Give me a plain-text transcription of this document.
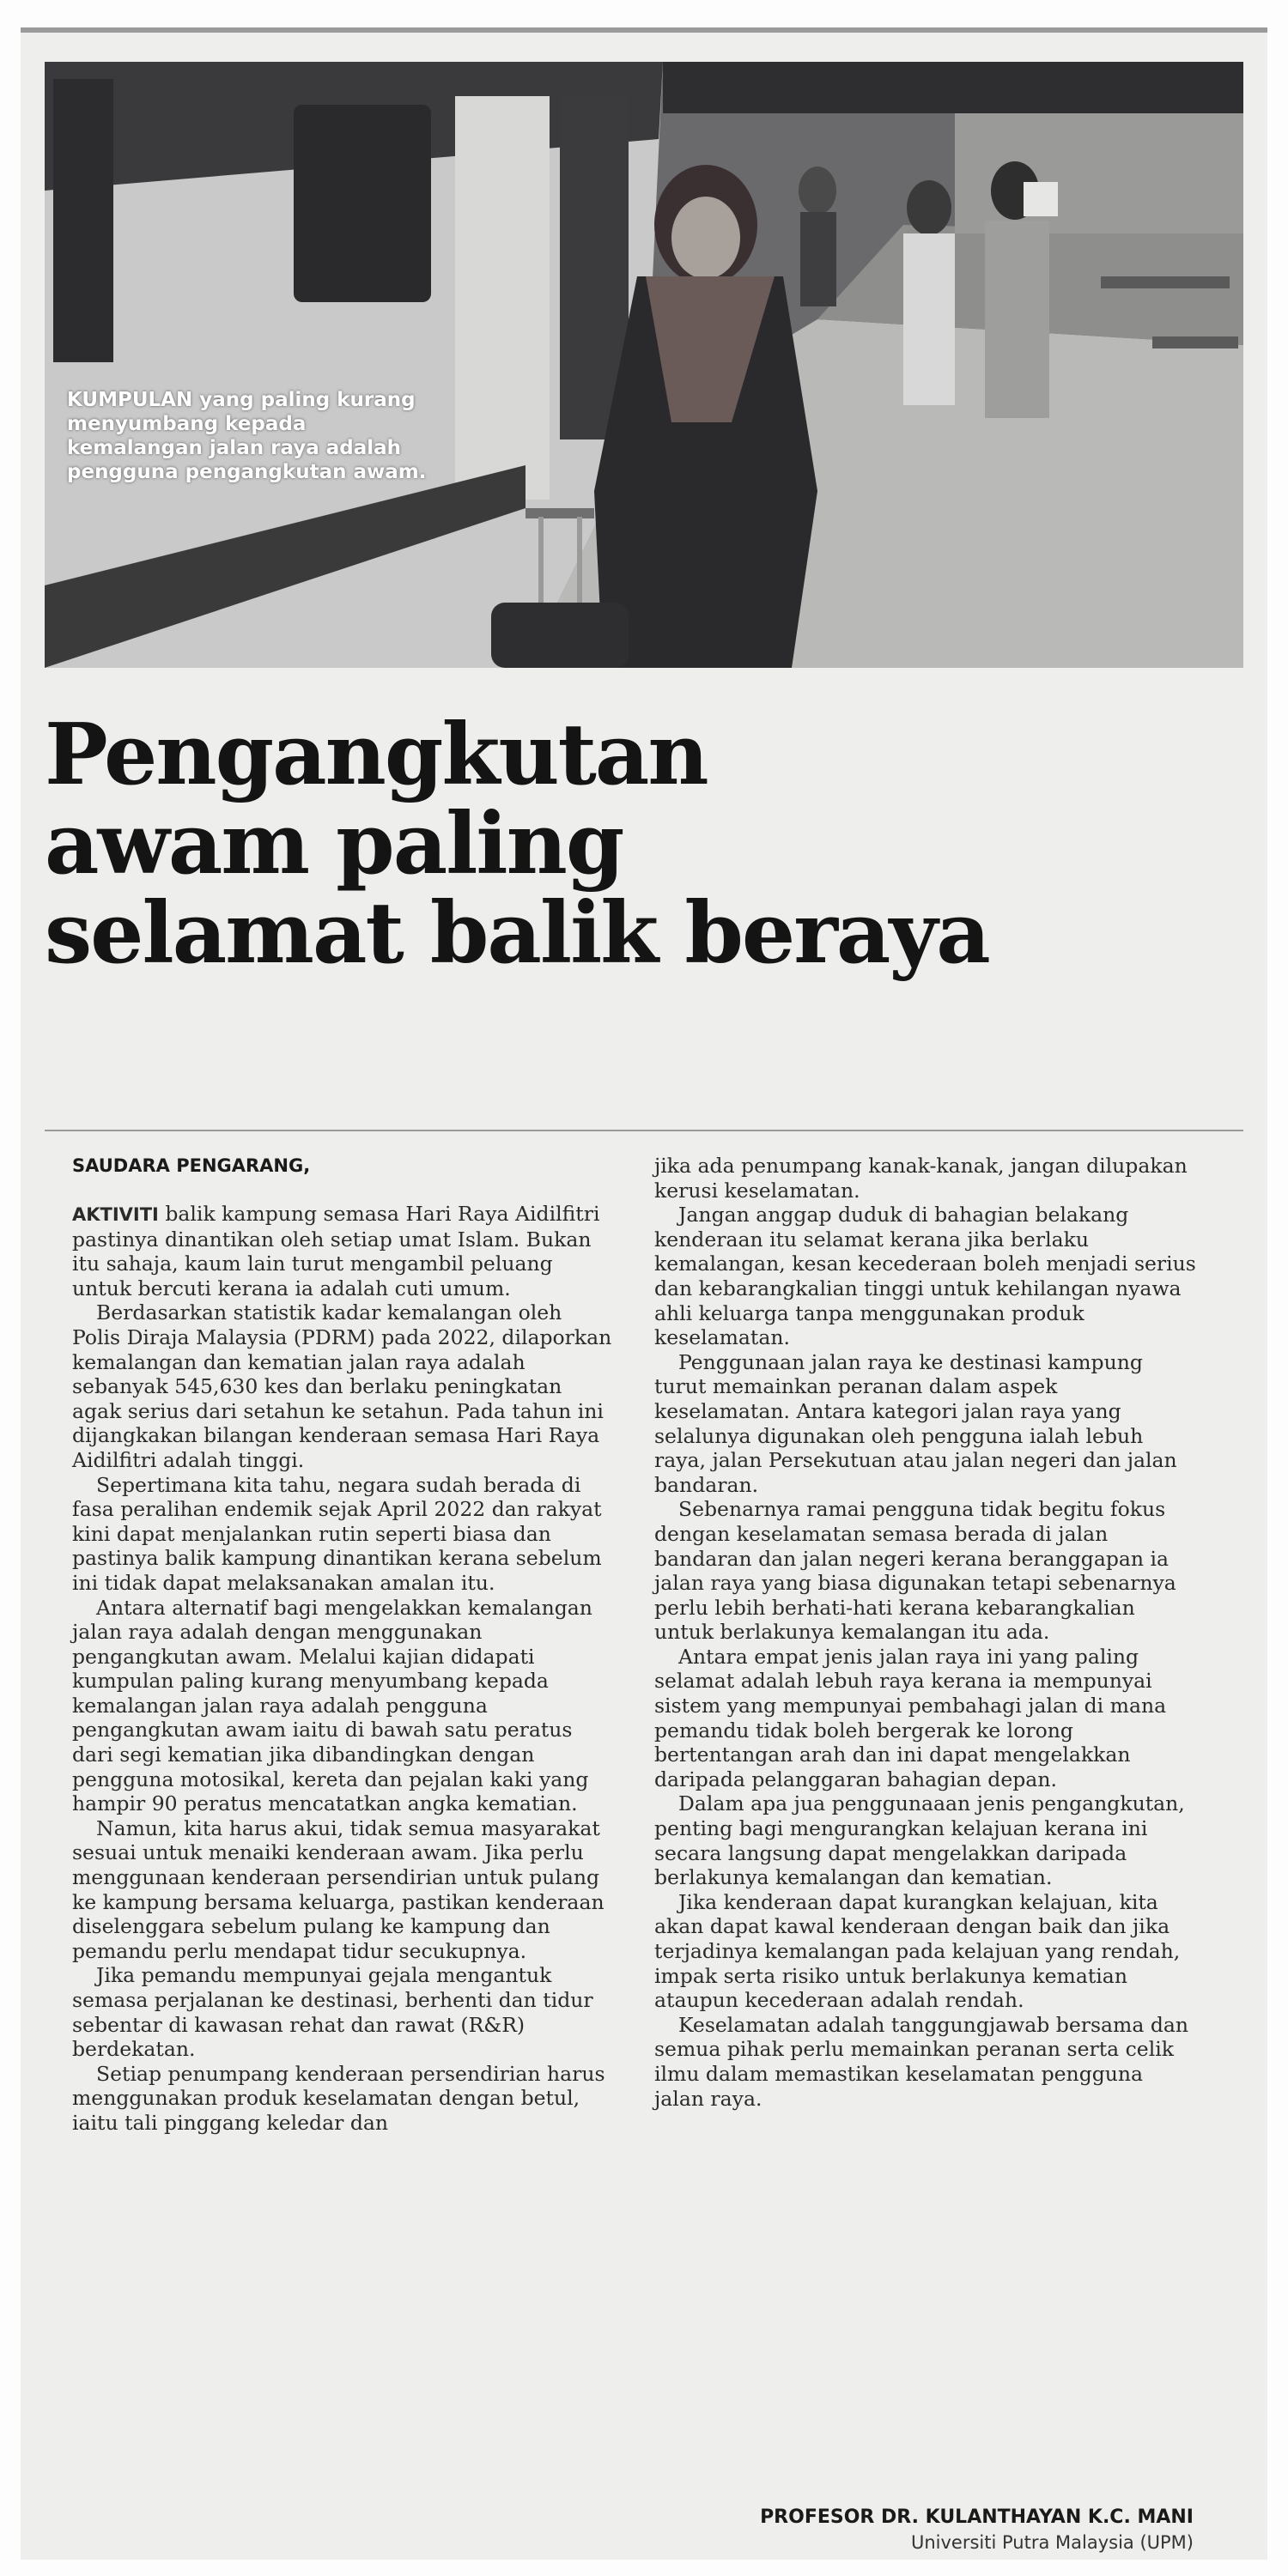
KUMPULAN yang paling kurang menyumbang kepada kemalangan jalan raya adalah pengguna pengangkutan awam.
Pengangkutan
awam paling
selamat balik beraya
SAUDARA PENGARANG,

AKTIVITI balik kampung semasa Hari Raya Aidilfitri pastinya dinantikan oleh setiap umat Islam. Bukan itu sahaja, kaum lain turut mengambil peluang untuk bercuti kerana ia adalah cuti umum.

Berdasarkan statistik kadar kemalangan oleh Polis Diraja Malaysia (PDRM) pada 2022, dilaporkan kemalangan dan kematian jalan raya adalah sebanyak 545,630 kes dan berlaku peningkatan agak serius dari setahun ke setahun. Pada tahun ini dijangkakan bilangan kenderaan semasa Hari Raya Aidilfitri adalah tinggi.

Sepertimana kita tahu, negara sudah berada di fasa peralihan endemik sejak April 2022 dan rakyat kini dapat menjalankan rutin seperti biasa dan pastinya balik kampung dinantikan kerana sebelum ini tidak dapat melaksanakan amalan itu.

Antara alternatif bagi mengelakkan kemalangan jalan raya adalah dengan menggunakan pengangkutan awam. Melalui kajian didapati kumpulan paling kurang menyumbang kepada kemalangan jalan raya adalah pengguna pengangkutan awam iaitu di bawah satu peratus dari segi kematian jika dibandingkan dengan pengguna motosikal, kereta dan pejalan kaki yang hampir 90 peratus mencatatkan angka kematian.

Namun, kita harus akui, tidak semua masyarakat sesuai untuk menaiki kenderaan awam. Jika perlu menggunaan kenderaan persendirian untuk pulang ke kampung bersama keluarga, pastikan kenderaan diselenggara sebelum pulang ke kampung dan pemandu perlu mendapat tidur secukupnya.

Jika pemandu mempunyai gejala mengantuk semasa perjalanan ke destinasi, berhenti dan tidur sebentar di kawasan rehat dan rawat (R&R) berdekatan.

Setiap penumpang kenderaan persendirian harus menggunakan produk keselamatan dengan betul, iaitu tali pinggang keledar dan

jika ada penumpang kanak-kanak, jangan dilupakan kerusi keselamatan.

Jangan anggap duduk di bahagian belakang kenderaan itu selamat kerana jika berlaku kemalangan, kesan kecederaan boleh menjadi serius dan kebarangkalian tinggi untuk kehilangan nyawa ahli keluarga tanpa menggunakan produk keselamatan.

Penggunaan jalan raya ke destinasi kampung turut memainkan peranan dalam aspek keselamatan. Antara kategori jalan raya yang selalunya digunakan oleh pengguna ialah lebuh raya, jalan Persekutuan atau jalan negeri dan jalan bandaran.

Sebenarnya ramai pengguna tidak begitu fokus dengan keselamatan semasa berada di jalan bandaran dan jalan negeri kerana beranggapan ia jalan raya yang biasa digunakan tetapi sebenarnya perlu lebih berhati-hati kerana kebarangkalian untuk berlakunya kemalangan itu ada.

Antara empat jenis jalan raya ini yang paling selamat adalah lebuh raya kerana ia mempunyai sistem yang mempunyai pembahagi jalan di mana pemandu tidak boleh bergerak ke lorong bertentangan arah dan ini dapat mengelakkan daripada pelanggaran bahagian depan.

Dalam apa jua penggunaaan jenis pengangkutan, penting bagi mengurangkan kelajuan kerana ini secara langsung dapat mengelakkan daripada berlakunya kemalangan dan kematian.

Jika kenderaan dapat kurangkan kelajuan, kita akan dapat kawal kenderaan dengan baik dan jika terjadinya kemalangan pada kelajuan yang rendah, impak serta risiko untuk berlakunya kematian ataupun kecederaan adalah rendah.

Keselamatan adalah tanggungjawab bersama dan semua pihak perlu memainkan peranan serta celik ilmu dalam memastikan keselamatan pengguna jalan raya.

PROFESOR DR. KULANTHAYAN K.C. MANI
Universiti Putra Malaysia (UPM)
